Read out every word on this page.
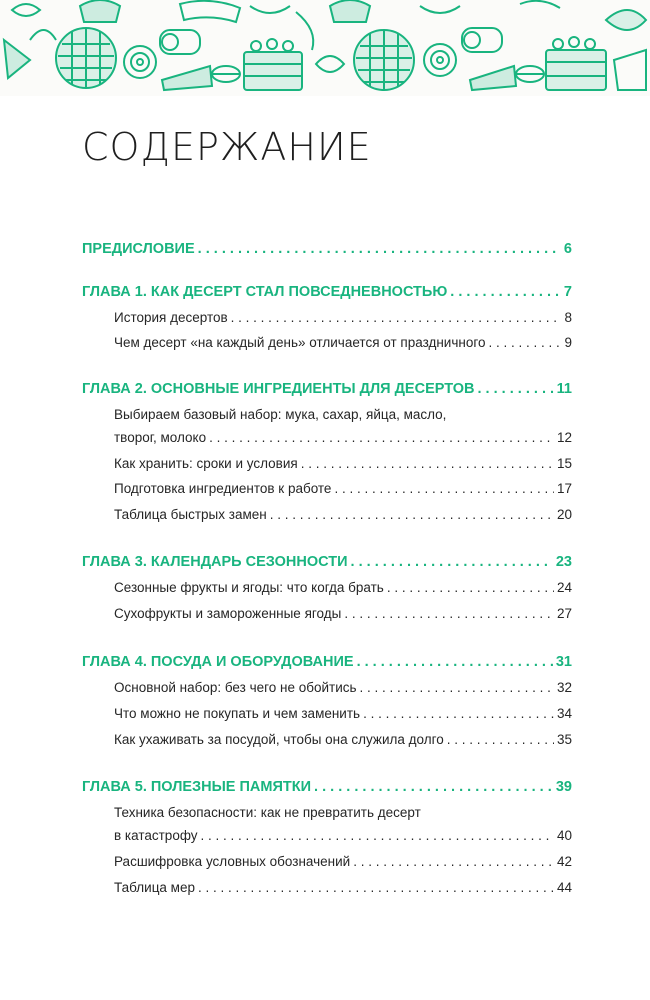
СОДЕРЖАНИЕ
ПРЕДИСЛОВИЕ . . .	6
ГЛАВА 1. КАК ДЕСЕРТ СТАЛ ПОВСЕДНЕВНОСТЬЮ . . .	7
История десертов . . .	8
Чем десерт «на каждый день» отличается от праздничного . . .	9
ГЛАВА 2. ОСНОВНЫЕ ИНГРЕДИЕНТЫ ДЛЯ ДЕСЕРТОВ . . .	11
Выбираем базовый набор: мука, сахар, яйца, масло,
творог, молоко . . .	12
Как хранить: сроки и условия . . .	15
Подготовка ингредиентов к работе . . .	17
Таблица быстрых замен . . .	20
ГЛАВА 3. КАЛЕНДАРЬ СЕЗОННОСТИ . . .	23
Сезонные фрукты и ягоды: что когда брать . . .	24
Сухофрукты и замороженные ягоды . . .	27
ГЛАВА 4. ПОСУДА И ОБОРУДОВАНИЕ . . .	31
Основной набор: без чего не обойтись . . .	32
Что можно не покупать и чем заменить . . .	34
Как ухаживать за посудой, чтобы она служила долго . . .	35
ГЛАВА 5. ПОЛЕЗНЫЕ ПАМЯТКИ . . .	39
Техника безопасности: как не превратить десерт
в катастрофу . . .	40
Расшифровка условных обозначений . . .	42
Таблица мер . . .	44
